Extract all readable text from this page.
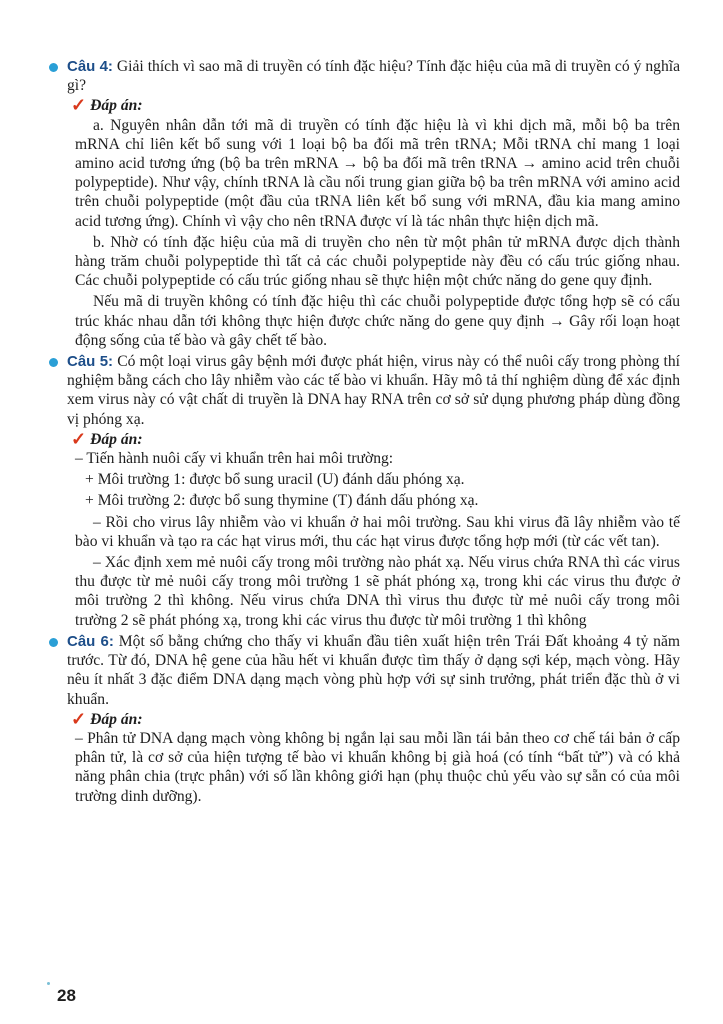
Câu 4: Giải thích vì sao mã di truyền có tính đặc hiệu? Tính đặc hiệu của mã di truyền có ý nghĩa gì?
✓ Đáp án:

a. Nguyên nhân dẫn tới mã di truyền có tính đặc hiệu là vì khi dịch mã, mỗi bộ ba trên mRNA chỉ liên kết bổ sung với 1 loại bộ ba đối mã trên tRNA; Mỗi tRNA chỉ mang 1 loại amino acid tương ứng (bộ ba trên mRNA → bộ ba đối mã trên tRNA → amino acid trên chuỗi polypeptide). Như vậy, chính tRNA là cầu nối trung gian giữa bộ ba trên mRNA với amino acid trên chuỗi polypeptide (một đầu của tRNA liên kết bổ sung với mRNA, đầu kia mang amino acid tương ứng). Chính vì vậy cho nên tRNA được ví là tác nhân thực hiện dịch mã.

b. Nhờ có tính đặc hiệu của mã di truyền cho nên từ một phân tử mRNA được dịch thành hàng trăm chuỗi polypeptide thì tất cả các chuỗi polypeptide này đều có cấu trúc giống nhau. Các chuỗi polypeptide có cấu trúc giống nhau sẽ thực hiện một chức năng do gene quy định.

Nếu mã di truyền không có tính đặc hiệu thì các chuỗi polypeptide được tổng hợp sẽ có cấu trúc khác nhau dẫn tới không thực hiện được chức năng do gene quy định → Gây rối loạn hoạt động sống của tế bào và gây chết tế bào.

Câu 5: Có một loại virus gây bệnh mới được phát hiện, virus này có thể nuôi cấy trong phòng thí nghiệm bằng cách cho lây nhiễm vào các tế bào vi khuẩn. Hãy mô tả thí nghiệm dùng để xác định xem virus này có vật chất di truyền là DNA hay RNA trên cơ sở sử dụng phương pháp dùng đồng vị phóng xạ.
✓ Đáp án:

– Tiến hành nuôi cấy vi khuẩn trên hai môi trường:

+ Môi trường 1: được bổ sung uracil (U) đánh dấu phóng xạ.

+ Môi trường 2: được bổ sung thymine (T) đánh dấu phóng xạ.

– Rồi cho virus lây nhiễm vào vi khuẩn ở hai môi trường. Sau khi virus đã lây nhiễm vào tế bào vi khuẩn và tạo ra các hạt virus mới, thu các hạt virus được tổng hợp mới (từ các vết tan).

– Xác định xem mẻ nuôi cấy trong môi trường nào phát xạ. Nếu virus chứa RNA thì các virus thu được từ mẻ nuôi cấy trong môi trường 1 sẽ phát phóng xạ, trong khi các virus thu được ở môi trường 2 thì không. Nếu virus chứa DNA thì virus thu được từ mẻ nuôi cấy trong môi trường 2 sẽ phát phóng xạ, trong khi các virus thu được từ môi trường 1 thì không

Câu 6: Một số bằng chứng cho thấy vi khuẩn đầu tiên xuất hiện trên Trái Đất khoảng 4 tỷ năm trước. Từ đó, DNA hệ gene của hầu hết vi khuẩn được tìm thấy ở dạng sợi kép, mạch vòng. Hãy nêu ít nhất 3 đặc điểm DNA dạng mạch vòng phù hợp với sự sinh trưởng, phát triển đặc thù ở vi khuẩn.
✓ Đáp án:

– Phân tử DNA dạng mạch vòng không bị ngắn lại sau mỗi lần tái bản theo cơ chế tái bản ở cấp phân tử, là cơ sở của hiện tượng tế bào vi khuẩn không bị già hoá (có tính “bất tử”) và có khả năng phân chia (trực phân) với số lần không giới hạn (phụ thuộc chủ yếu vào sự sẵn có của môi trường dinh dưỡng).

28
